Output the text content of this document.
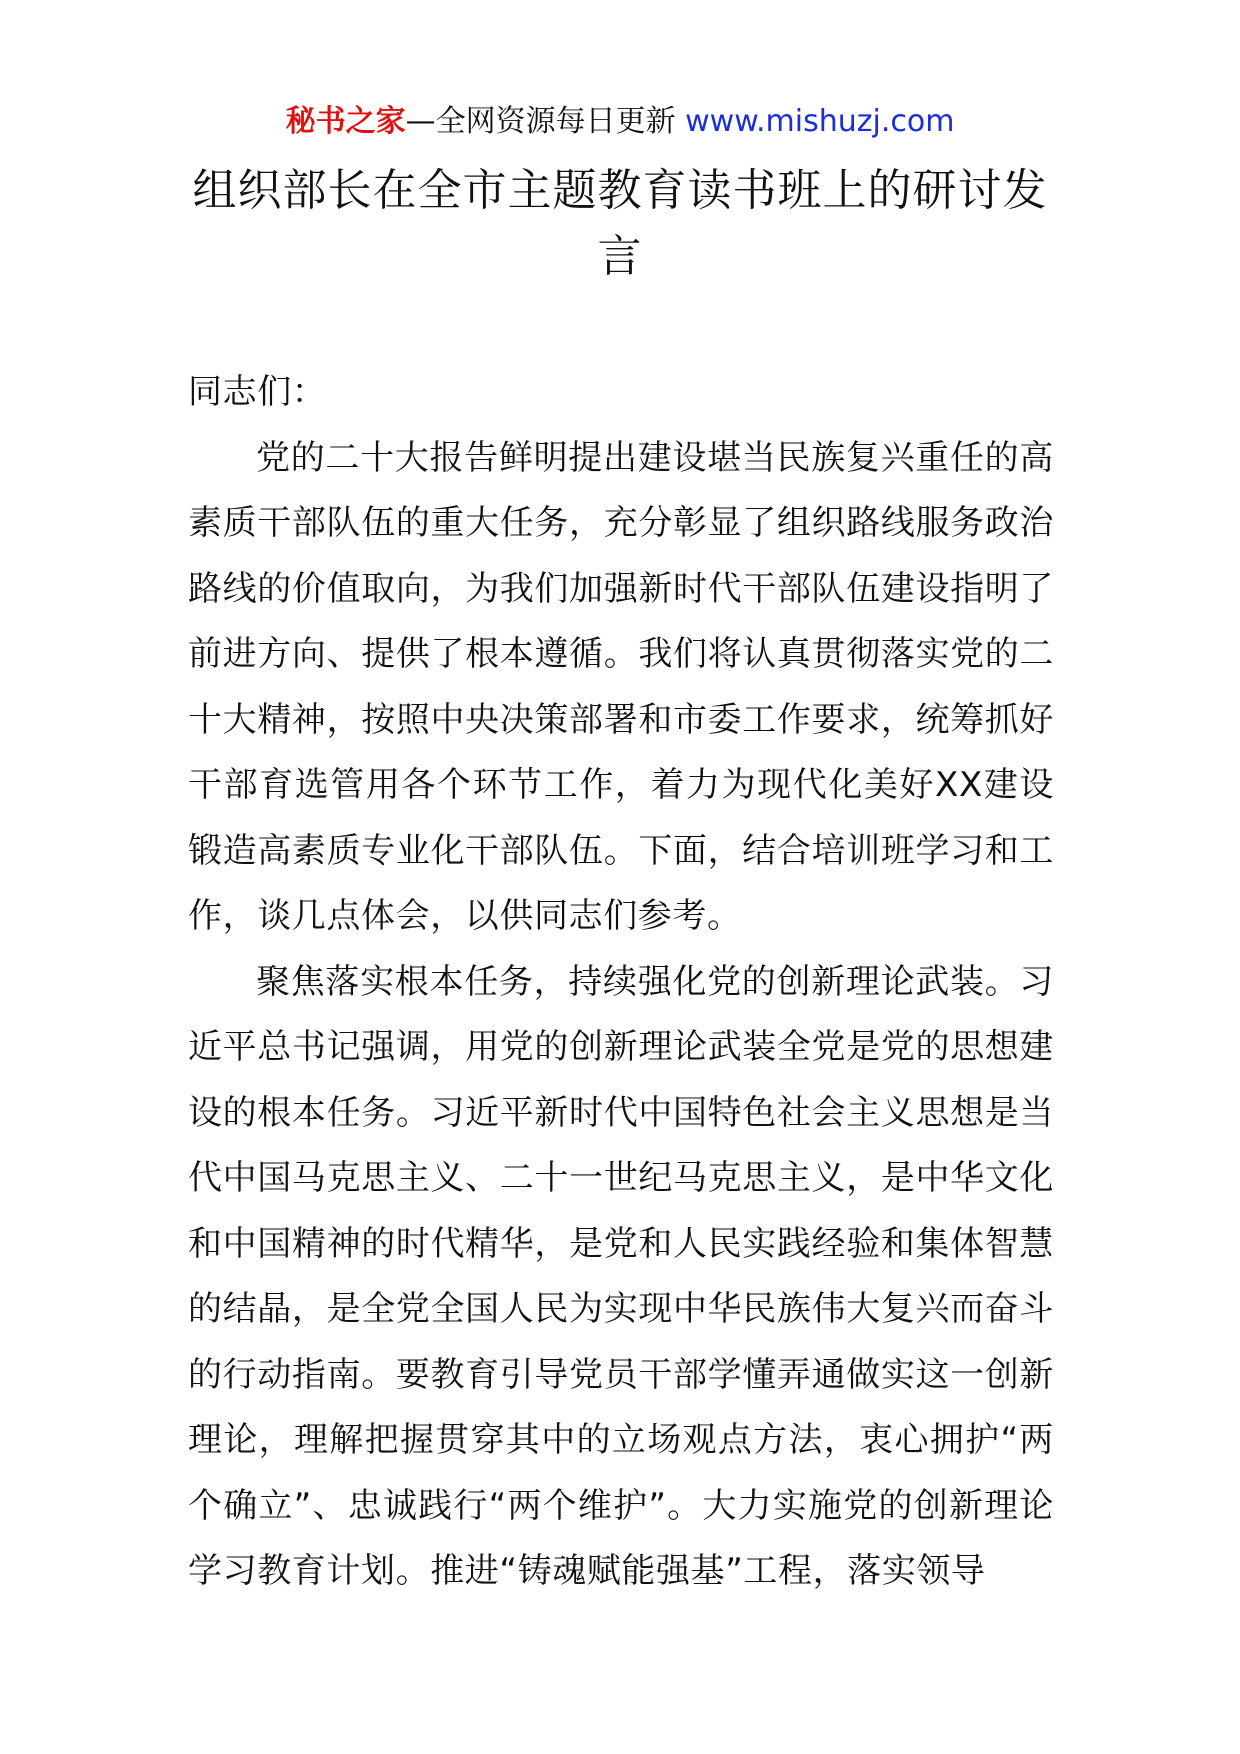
秘书之家—全网资源每日更新 www.mishuzj.com
组织部长在全市主题教育读书班上的研讨发言

同志们：

党的二十大报告鲜明提出建设堪当民族复兴重任的高素质干部队伍的重大任务，充分彰显了组织路线服务政治路线的价值取向，为我们加强新时代干部队伍建设指明了前进方向、提供了根本遵循。我们将认真贯彻落实党的二十大精神，按照中央决策部署和市委工作要求，统筹抓好干部育选管用各个环节工作，着力为现代化美好XX建设锻造高素质专业化干部队伍。下面，结合培训班学习和工作，谈几点体会，以供同志们参考。

聚焦落实根本任务，持续强化党的创新理论武装。习近平总书记强调，用党的创新理论武装全党是党的思想建设的根本任务。习近平新时代中国特色社会主义思想是当代中国马克思主义、二十一世纪马克思主义，是中华文化和中国精神的时代精华，是党和人民实践经验和集体智慧的结晶，是全党全国人民为实现中华民族伟大复兴而奋斗的行动指南。要教育引导党员干部学懂弄通做实这一创新理论，理解把握贯穿其中的立场观点方法，衷心拥护“两个确立”、忠诚践行“两个维护”。大力实施党的创新理论学习教育计划。推进“铸魂赋能强基”工程，落实领导
